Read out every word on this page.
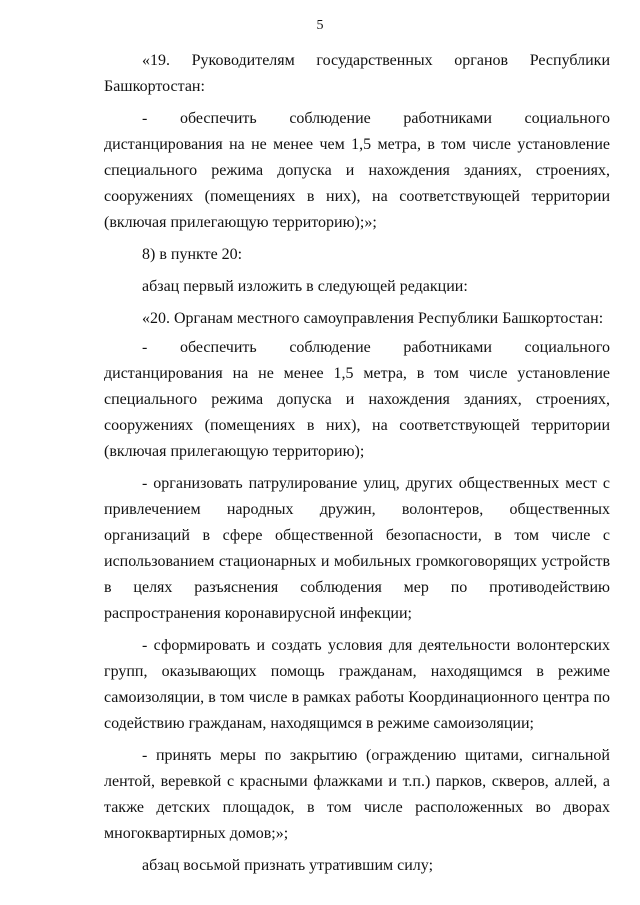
5

«19. Руководителям государственных органов Республики Башкортостан:

- обеспечить соблюдение работниками социального дистанцирования на не менее чем 1,5 метра, в том числе установление специального режима допуска и нахождения зданиях, строениях, сооружениях (помещениях в них), на соответствующей территории (включая прилегающую территорию);»;

8) в пункте 20:

абзац первый изложить в следующей редакции:

«20. Органам местного самоуправления Республики Башкортостан:

- обеспечить соблюдение работниками социального дистанцирования на не менее 1,5 метра, в том числе установление специального режима допуска и нахождения зданиях, строениях, сооружениях (помещениях в них), на соответствующей территории (включая прилегающую территорию);

- организовать патрулирование улиц, других общественных мест с привлечением народных дружин, волонтеров, общественных организаций в сфере общественной безопасности, в том числе с использованием стационарных и мобильных громкоговорящих устройств в целях разъяснения соблюдения мер по противодействию распространения коронавирусной инфекции;

- сформировать и создать условия для деятельности волонтерских групп, оказывающих помощь гражданам, находящимся в режиме самоизоляции, в том числе в рамках работы Координационного центра по содействию гражданам, находящимся в режиме самоизоляции;

- принять меры по закрытию (ограждению щитами, сигнальной лентой, веревкой с красными флажками и т.п.) парков, скверов, аллей, а также детских площадок, в том числе расположенных во дворах многоквартирных домов;»;

абзац восьмой признать утратившим силу;
